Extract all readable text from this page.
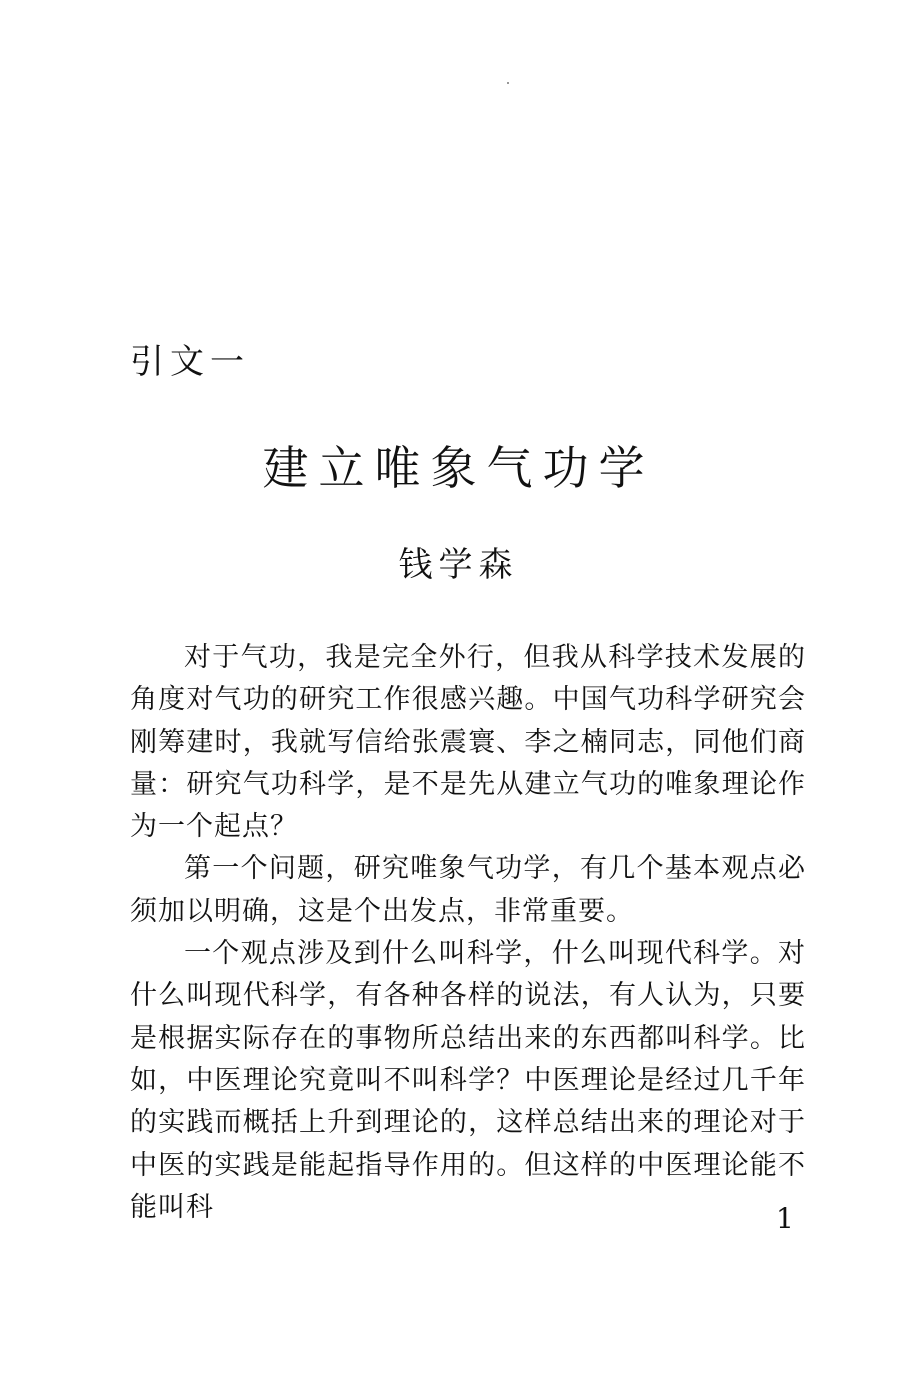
引文一
建立唯象气功学
钱学森

对于气功，我是完全外行，但我从科学技术发展的角度对气功的研究工作很感兴趣。中国气功科学研究会刚筹建时，我就写信给张震寰、李之楠同志，同他们商量：研究气功科学，是不是先从建立气功的唯象理论作为一个起点？

第一个问题，研究唯象气功学，有几个基本观点必须加以明确，这是个出发点，非常重要。

一个观点涉及到什么叫科学，什么叫现代科学。对什么叫现代科学，有各种各样的说法，有人认为，只要是根据实际存在的事物所总结出来的东西都叫科学。比如，中医理论究竟叫不叫科学？中医理论是经过几千年的实践而概括上升到理论的，这样总结出来的理论对于中医的实践是能起指导作用的。但这样的中医理论能不能叫科	1
